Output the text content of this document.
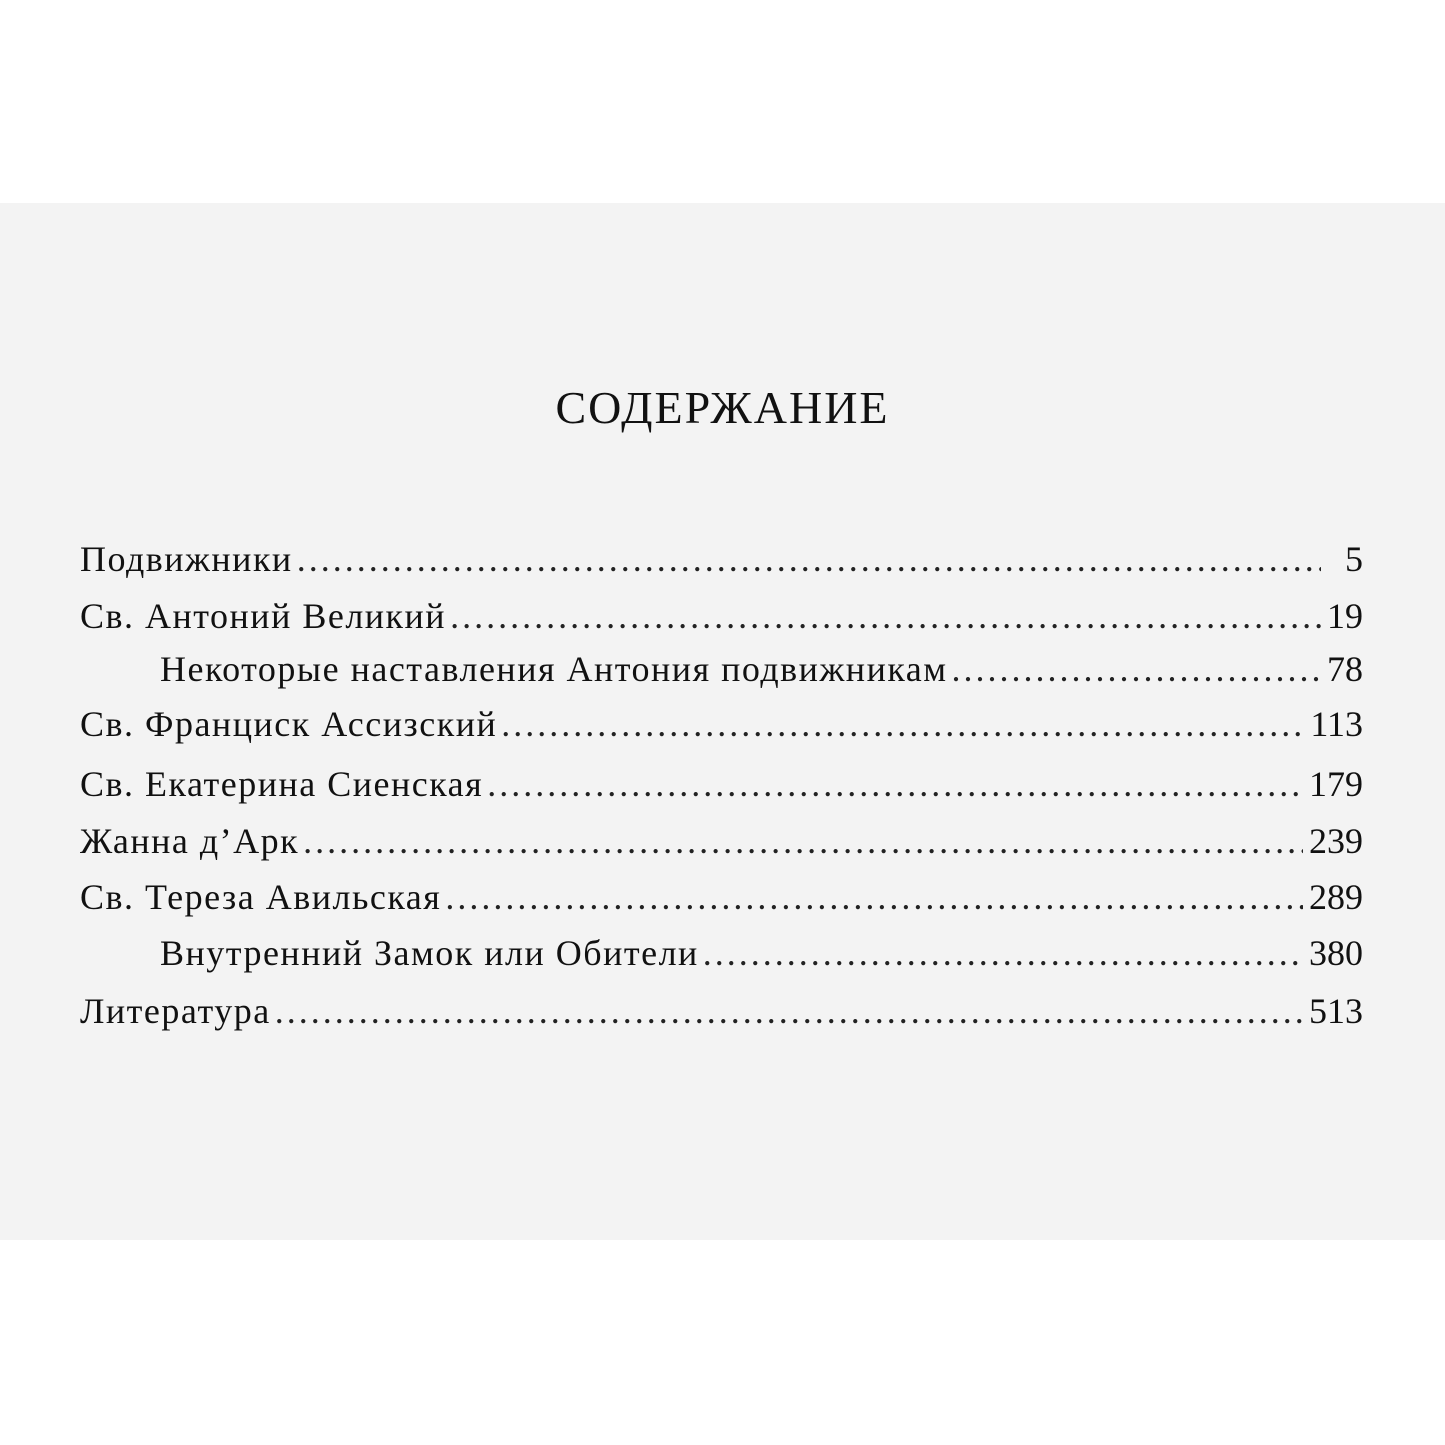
СОДЕРЖАНИЕ
Подвижники .....	5
Св. Антоний Великий .....	19
Некоторые наставления Антония подвижникам .....	78
Св. Франциск Ассизский .....	113
Св. Екатерина Сиенская .....	179
Жанна д’Арк .....	239
Св. Тереза Авильская .....	289
Внутренний Замок или Обители .....	380
Литература .....	513
